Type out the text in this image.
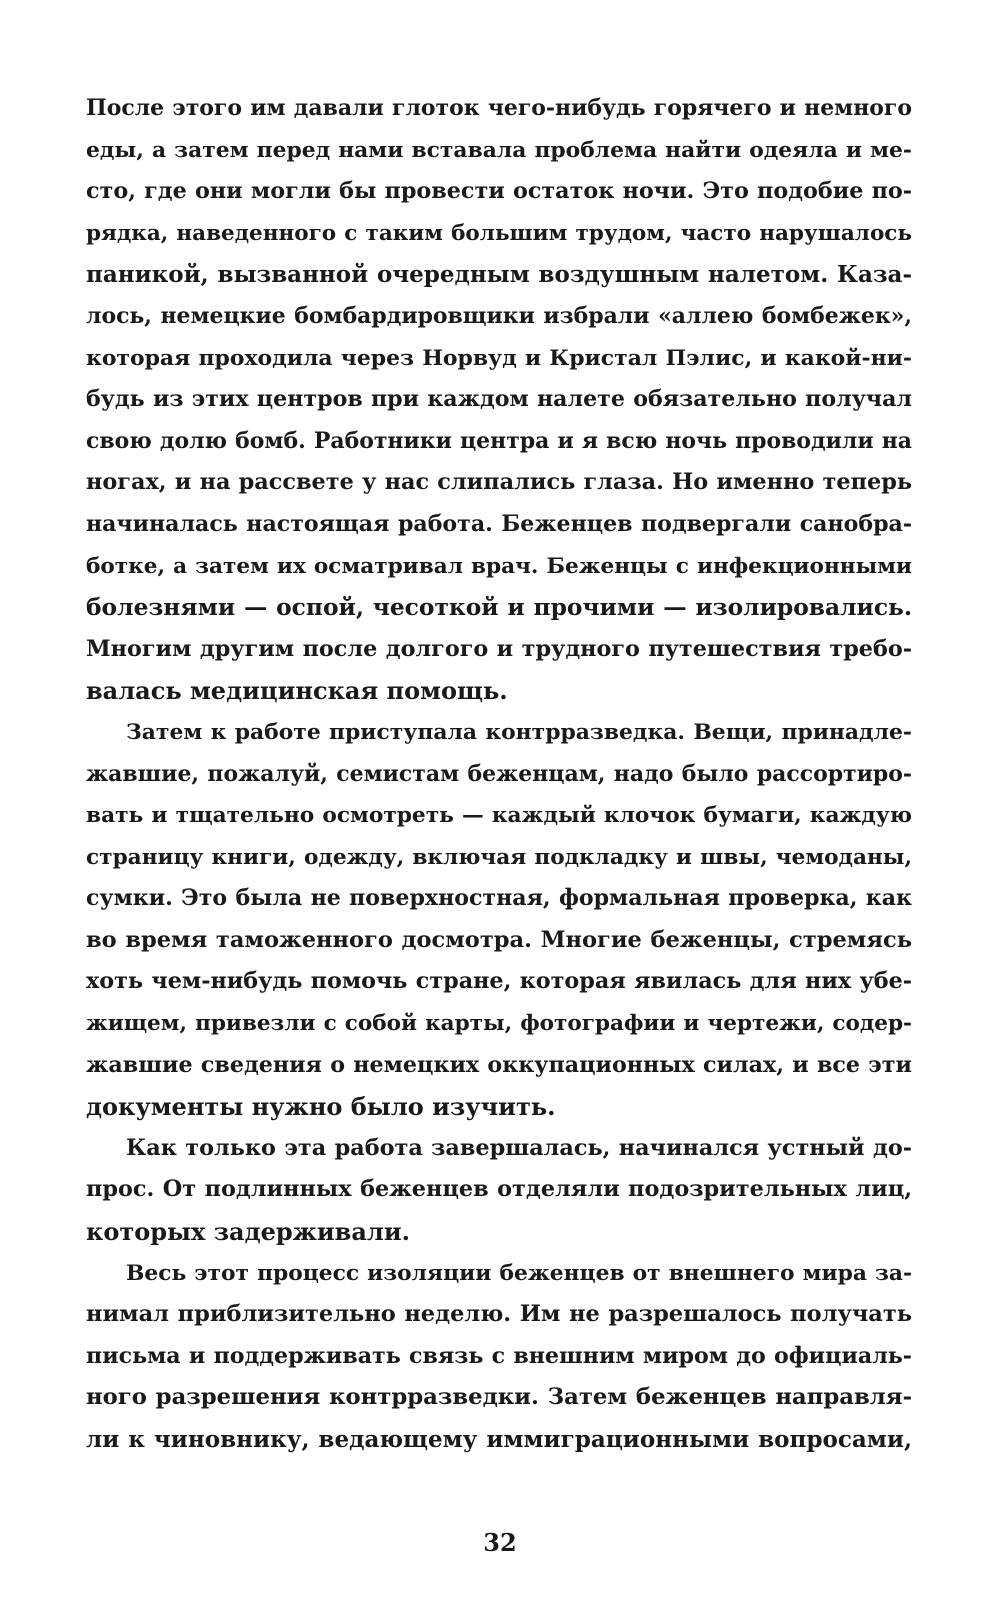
После этого им давали глоток чего-нибудь горячего и немного
еды, а затем перед нами вставала проблема найти одеяла и ме-
сто, где они могли бы провести остаток ночи. Это подобие по-
рядка, наведенного с таким большим трудом, часто нарушалось
паникой, вызванной очередным воздушным налетом. Каза-
лось, немецкие бомбардировщики избрали «аллею бомбежек»,
которая проходила через Норвуд и Кристал Пэлис, и какой-ни-
будь из этих центров при каждом налете обязательно получал
свою долю бомб. Работники центра и я всю ночь проводили на
ногах, и на рассвете у нас слипались глаза. Но именно теперь
начиналась настоящая работа. Беженцев подвергали санобра-
ботке, а затем их осматривал врач. Беженцы с инфекционными
болезнями — оспой, чесоткой и прочими — изолировались.
Многим другим после долгого и трудного путешествия требо-
валась медицинская помощь.
Затем к работе приступала контрразведка. Вещи, принадле-
жавшие, пожалуй, семистам беженцам, надо было рассортиро-
вать и тщательно осмотреть — каждый клочок бумаги, каждую
страницу книги, одежду, включая подкладку и швы, чемоданы,
сумки. Это была не поверхностная, формальная проверка, как
во время таможенного досмотра. Многие беженцы, стремясь
хоть чем-нибудь помочь стране, которая явилась для них убе-
жищем, привезли с собой карты, фотографии и чертежи, содер-
жавшие сведения о немецких оккупационных силах, и все эти
документы нужно было изучить.
Как только эта работа завершалась, начинался устный до-
прос. От подлинных беженцев отделяли подозрительных лиц,
которых задерживали.
Весь этот процесс изоляции беженцев от внешнего мира за-
нимал приблизительно неделю. Им не разрешалось получать
письма и поддерживать связь с внешним миром до официаль-
ного разрешения контрразведки. Затем беженцев направля-
ли к чиновнику, ведающему иммиграционными вопросами,
32
